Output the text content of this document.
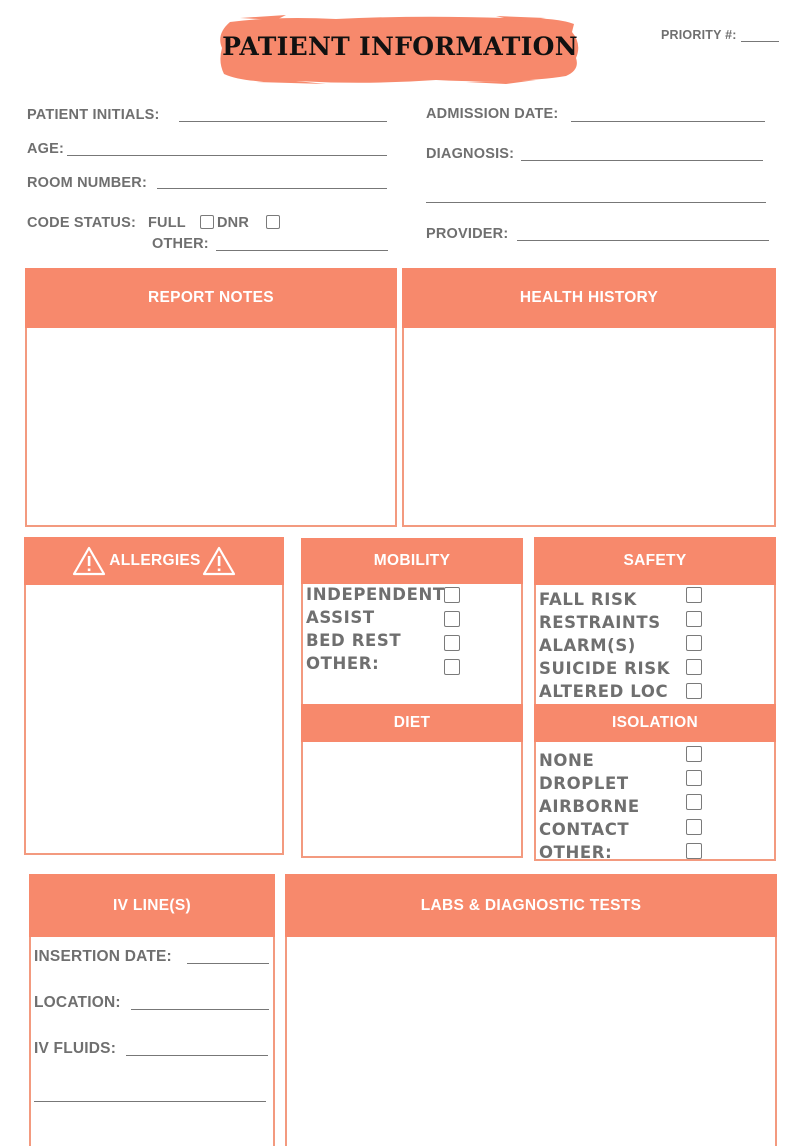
PATIENT INFORMATION	PRIORITY #:
PATIENT INITIALS:
AGE:
ROOM NUMBER:
CODE STATUS: FULL DNR
OTHER:
ADMISSION DATE:
DIAGNOSIS:
PROVIDER:
REPORT NOTES	HEALTH HISTORY
ALLERGIES	MOBILITY
INDEPENDENT
ASSIST
BED REST
OTHER:
DIET
SAFETY
FALL RISK
RESTRAINTS
ALARM(S)
SUICIDE RISK
ALTERED LOC
ISOLATION
NONE
DROPLET
AIRBORNE
CONTACT
OTHER:
IV LINE(S)
INSERTION DATE:
LOCATION:
IV FLUIDS:
LABS & DIAGNOSTIC TESTS
